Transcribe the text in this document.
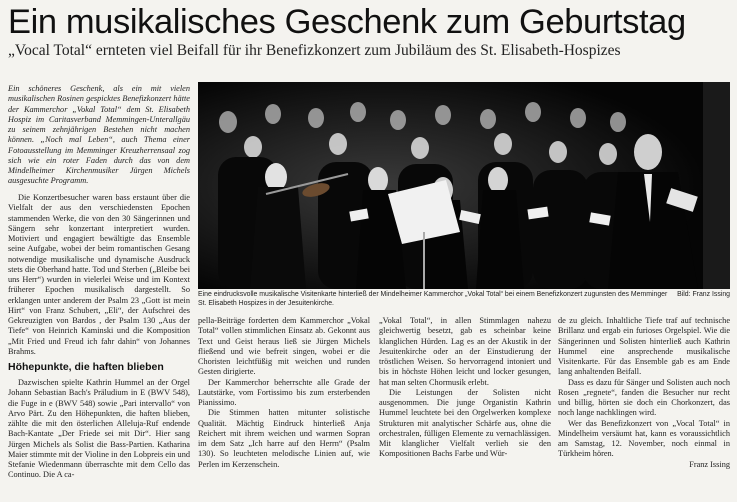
Ein musikalisches Geschenk zum Geburtstag
„Vocal Total“ ernteten viel Beifall für ihr Benefizkonzert zum Jubiläum des St. Elisabeth-Hospizes
Ein schöneres Geschenk, als ein mit vielen musikalischen Rosinen gespicktes Benefizkonzert hätte der Kammerchor „Vokal Total“ dem St. Elisabeth Hospiz im Caritasverband Memmingen-Unterallgäu zu seinem zehnjährigen Bestehen nicht machen können. „Noch mal Leben“, auch Thema einer Fotoausstellung im Memminger Kreuzherrensaal zog sich wie ein roter Faden durch das von dem Mindelheimer Kirchenmusiker Jürgen Michels ausgesuchte Programm.

Die Konzertbesucher waren bass erstaunt über die Vielfalt der aus den verschiedensten Epochen stammenden Werke, die von den 30 Sängerinnen und Sängern sehr konzertant interpretiert wurden. Motiviert und engagiert bewältigte das Ensemble seine Aufgabe, wobei der beim romantischen Gesang notwendige musikalische und dynamische Ausdruck stets die Oberhand hatte. Tod und Sterben („Bleibe bei uns Herr“) wurden in vielerlei Weise und im Kontext früherer Epochen musikalisch dargestellt. So erklangen unter anderem der Psalm 23 „Gott ist mein Hirt“ von Franz Schubert, „Eli“, der Aufschrei des Gekreuzigten von Bardos , der Psalm 130 „Aus der Tiefe“ von Heinrich Kaminski und die Komposition „Mit Fried und Freud ich fahr dahin“ von Johannes Brahms.

Höhepunkte, die haften blieben

Dazwischen spielte Kathrin Hummel an der Orgel Johann Sebastian Bach's Präludium in E (BWV 548), die Fuge in e (BWV 548) sowie „Pari intervallo“ von Arvo Pärt. Zu den Höhepunkten, die haften blieben, zählte die mit den österlichen Alleluja-Ruf endende Bach-Kantate „Der Friede sei mit Dir“. Hier sang Jürgen Michels als Solist die Bass-Partien. Katharina Maier stimmte mit der Violine in den Lobpreis ein und Stefanie Wiedenmann überraschte mit dem Cello das Continuo. Die A ca-

Bild: Franz Issing
Eine eindrucksvolle musikalische Visitenkarte hinterließ der Mindelheimer Kammerchor „Vokal Total“ bei einem Benefizkonzert zugunsten des Memminger St. Elisabeth Hospizes in der Jesuitenkirche.

pella-Beiträge forderten dem Kammerchor „Vokal Total“ vollen stimmlichen Einsatz ab. Gekonnt aus Text und Geist heraus ließ sie Jürgen Michels fließend und wie befreit singen, wobei er die Choristen leichtfüßig mit weichen und runden Gesten dirigierte.

Der Kammerchor beherrschte alle Grade der Lautstärke, vom Fortissimo bis zum ersterbenden Pianissimo.

Die Stimmen hatten mitunter solistische Qualität. Mächtig Eindruck hinterließ Anja Reichert mit ihrem weichen und warmen Sopran im dem Satz „Ich harre auf den Herrn“ (Psalm 130). So leuchteten melodische Linien auf, wie Perlen im Kerzenschein.

„Vokal Total“, in allen Stimmlagen nahezu gleichwertig besetzt, gab es scheinbar keine klanglichen Hürden. Lag es an der Akustik in der Jesuitenkirche oder an der Einstudierung der tröstlichen Weisen. So hervorragend intoniert und bis in höchste Höhen leicht und locker gesungen, hat man selten Chormusik erlebt.

Die Leistungen der Solisten nicht ausgenommen. Die junge Organistin Kathrin Hummel leuchtete bei den Orgelwerken komplexe Strukturen mit analytischer Schärfe aus, ohne die orchestralen, fülligen Elemente zu vernachlässigen. Mit klanglicher Vielfalt verlieh sie den Kompositionen Bachs Farbe und Wür-

de zu gleich. Inhaltliche Tiefe traf auf technische Brillanz und ergab ein furioses Orgelspiel. Wie die Sängerinnen und Solisten hinterließ auch Kathrin Hummel eine ansprechende musikalische Visitenkarte. Für das Ensemble gab es am Ende lang anhaltenden Beifall.

Dass es dazu für Sänger und Solisten auch noch Rosen „regnete“, fanden die Besucher nur recht und billig, hörten sie doch ein Chorkonzert, das noch lange nachklingen wird.

Wer das Benefizkonzert von „Vocal Total“ in Mindelheim versäumt hat, kann es voraussichtlich am Samstag, 12. November, noch einmal in Türkheim hören.

Franz Issing
